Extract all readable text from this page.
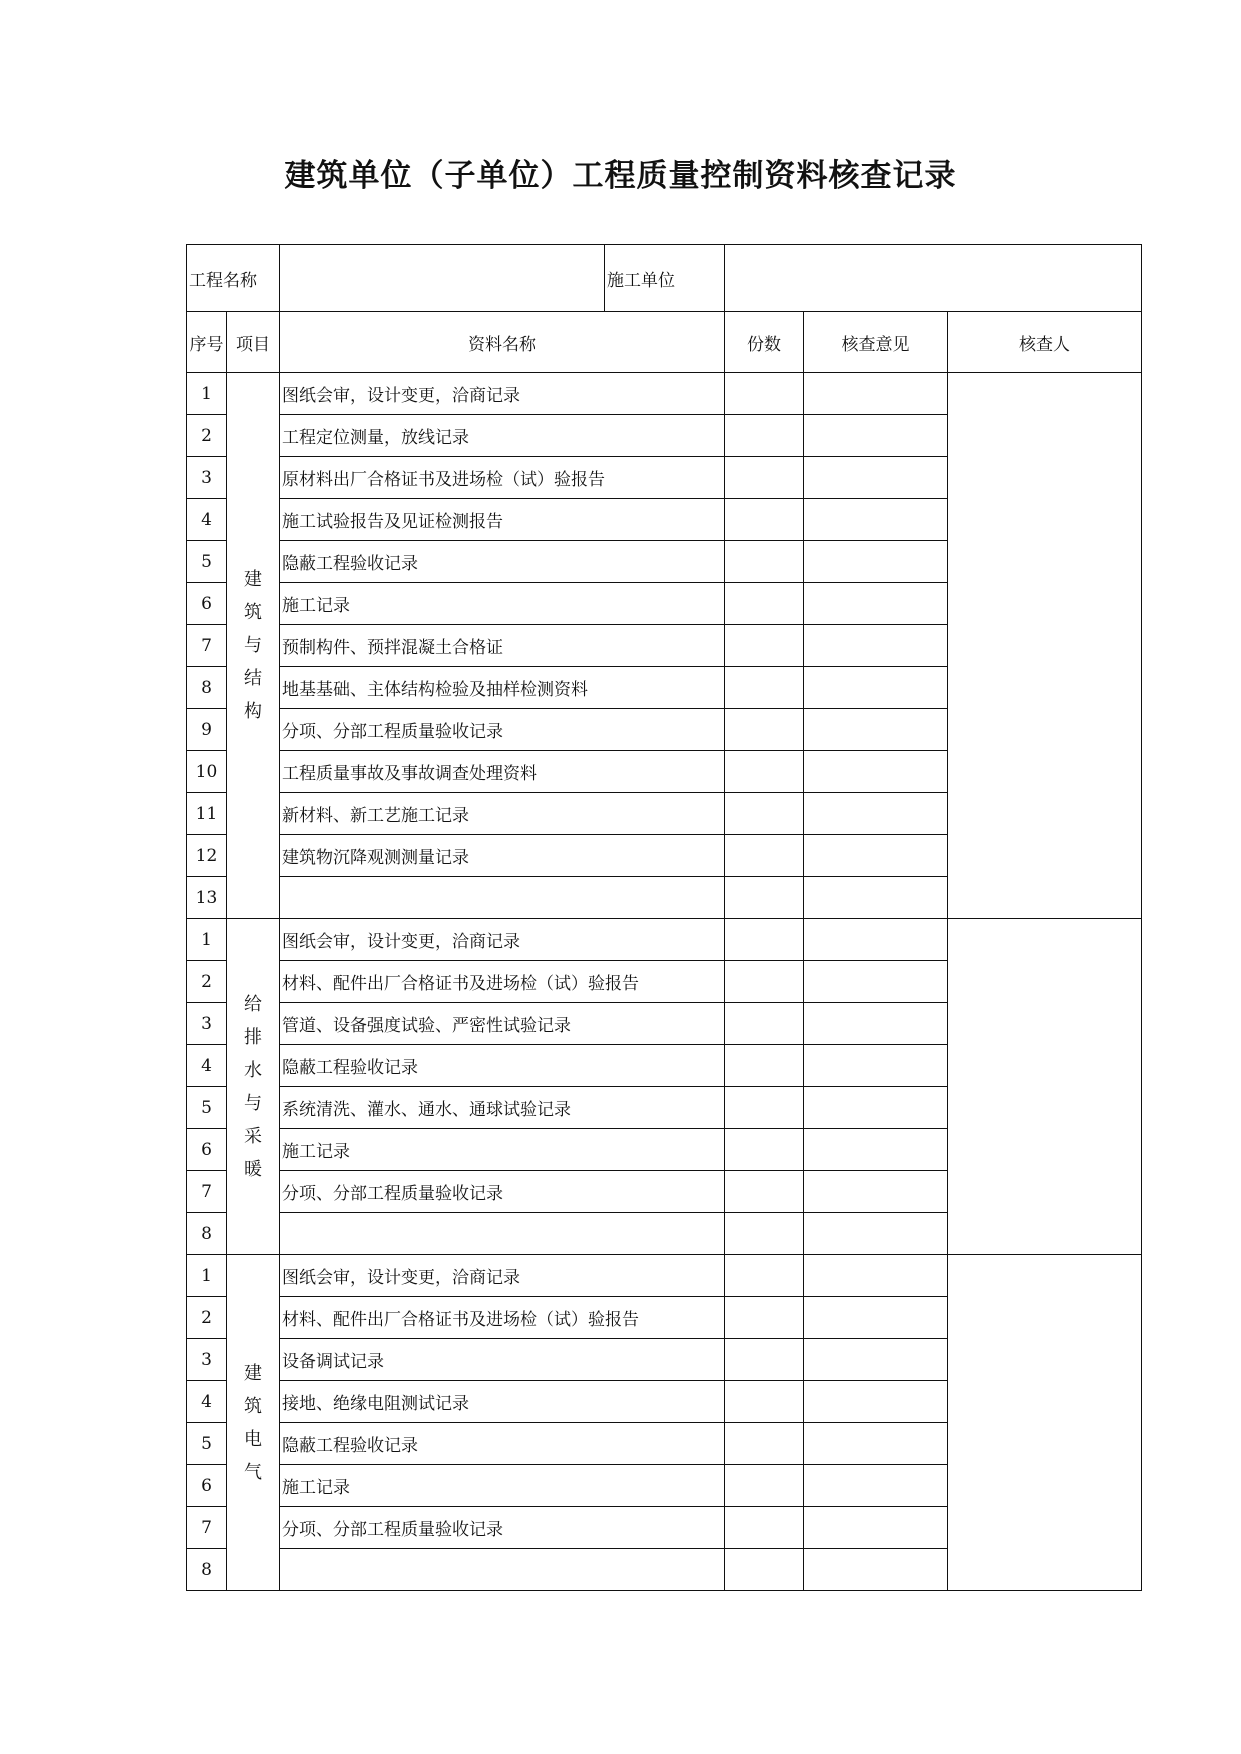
建筑单位（子单位）工程质量控制资料核查记录
工程名称			施工单位			
序号	项目	资料名称		份数	核查意见	核查人
1	建筑与结构	图纸会审，设计变更，洽商记录				
2		工程定位测量，放线记录				
3		原材料出厂合格证书及进场检（试）验报告				
4		施工试验报告及见证检测报告				
5		隐蔽工程验收记录				
6		施工记录				
7		预制构件、预拌混凝土合格证				
8		地基基础、主体结构检验及抽样检测资料				
9		分项、分部工程质量验收记录				
10		工程质量事故及事故调查处理资料				
11		新材料、新工艺施工记录				
12		建筑物沉降观测测量记录				
13						
1	给排水与采暖	图纸会审，设计变更，洽商记录				
2		材料、配件出厂合格证书及进场检（试）验报告				
3		管道、设备强度试验、严密性试验记录				
4		隐蔽工程验收记录				
5		系统清洗、灌水、通水、通球试验记录				
6		施工记录				
7		分项、分部工程质量验收记录				
8						
1	建筑电气	图纸会审，设计变更，洽商记录				
2		材料、配件出厂合格证书及进场检（试）验报告				
3		设备调试记录				
4		接地、绝缘电阻测试记录				
5		隐蔽工程验收记录				
6		施工记录				
7		分项、分部工程质量验收记录				
8						
